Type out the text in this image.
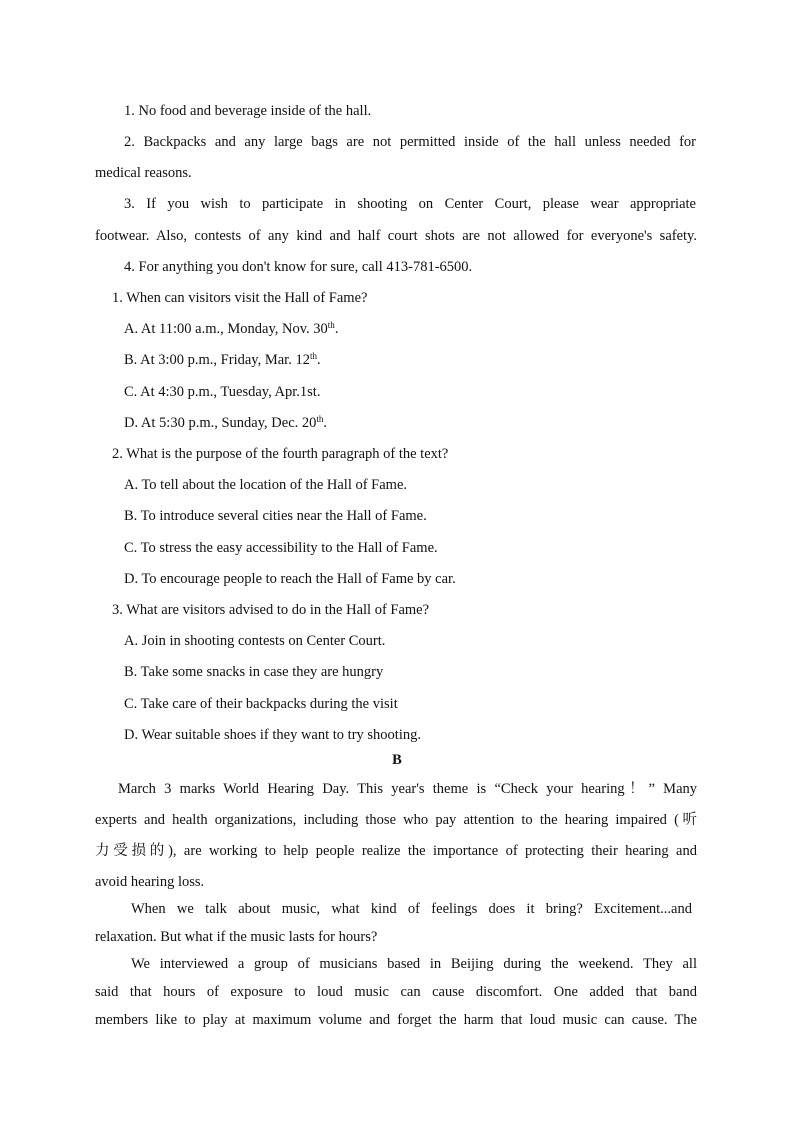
1. No food and beverage inside of the hall.
2. Backpacks and any large bags are not permitted inside of the hall unless needed for
medical reasons.
3. If you wish to participate in shooting on Center Court, please wear appropriate
footwear. Also, contests of any kind and half court shots are not allowed for everyone's safety.
4. For anything you don't know for sure, call 413-781-6500.
1. When can visitors visit the Hall of Fame?
A. At 11:00 a.m., Monday, Nov. 30th.
B. At 3:00 p.m., Friday, Mar. 12th.
C. At 4:30 p.m., Tuesday, Apr.1st.
D. At 5:30 p.m., Sunday, Dec. 20th.
2. What is the purpose of the fourth paragraph of the text?
A. To tell about the location of the Hall of Fame.
B. To introduce several cities near the Hall of Fame.
C. To stress the easy accessibility to the Hall of Fame.
D. To encourage people to reach the Hall of Fame by car.
3. What are visitors advised to do in the Hall of Fame?
A. Join in shooting contests on Center Court.
B. Take some snacks in case they are hungry
C. Take care of their backpacks during the visit
D. Wear suitable shoes if they want to try shooting.
B
March 3 marks World Hearing Day. This year's theme is “Check your hearing！” Many
experts and health organizations, including those who pay attention to the hearing impaired (听
力受损的), are working to help people realize the importance of protecting their hearing and
avoid hearing loss.
When we talk about music, what kind of feelings does it bring? Excitement...and
relaxation. But what if the music lasts for hours?
We interviewed a group of musicians based in Beijing during the weekend. They all
said that hours of exposure to loud music can cause discomfort. One added that band
members like to play at maximum volume and forget the harm that loud music can cause. The
